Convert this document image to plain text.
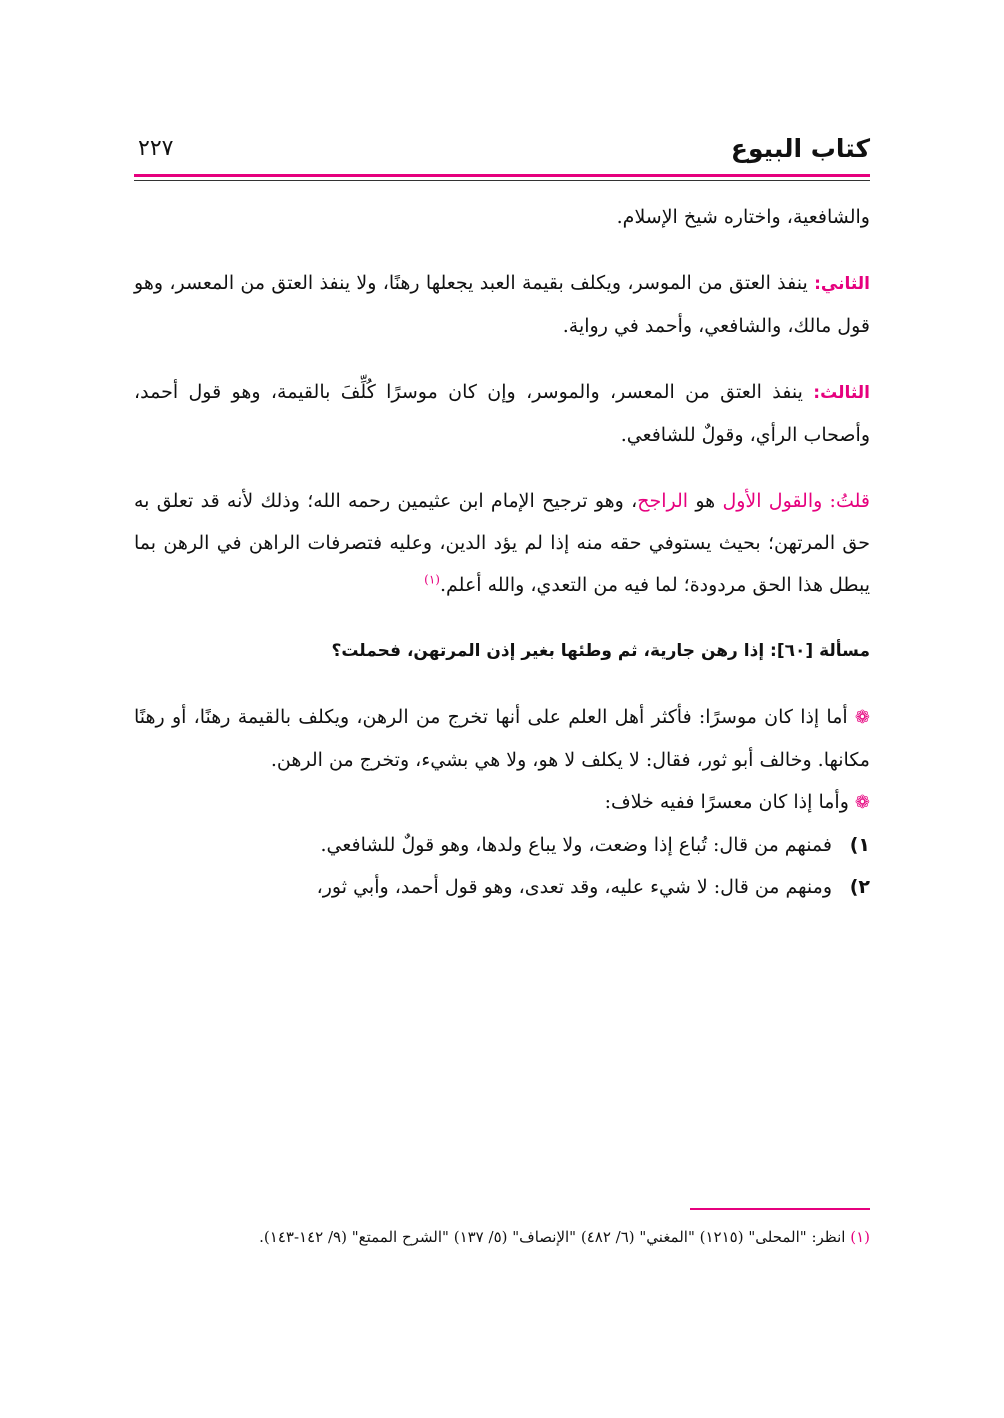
كتاب البيوع
٢٢٧

والشافعية، واختاره شيخ الإسلام.

الثاني: ينفذ العتق من الموسر، ويكلف بقيمة العبد يجعلها رهنًا، ولا ينفذ العتق من المعسر، وهو قول مالك، والشافعي، وأحمد في رواية.

الثالث: ينفذ العتق من المعسر، والموسر، وإن كان موسرًا كُلِّفَ بالقيمة، وهو قول أحمد، وأصحاب الرأي، وقولٌ للشافعي.

قلتُ: والقول الأول هو الراجح، وهو ترجيح الإمام ابن عثيمين رحمه الله؛ وذلك لأنه قد تعلق به حق المرتهن؛ بحيث يستوفي حقه منه إذا لم يؤد الدين، وعليه فتصرفات الراهن في الرهن بما يبطل هذا الحق مردودة؛ لما فيه من التعدي، والله أعلم.$^{(١)}$

مسألة [٦٠]: إذا رهن جارية، ثم وطئها بغير إذن المرتهن، فحملت؟

❁ أما إذا كان موسرًا: فأكثر أهل العلم على أنها تخرج من الرهن، ويكلف بالقيمة رهنًا، أو رهنًا مكانها. وخالف أبو ثور، فقال: لا يكلف لا هو، ولا هي بشيء، وتخرج من الرهن.

❁ وأما إذا كان معسرًا ففيه خلاف:

١)
فمنهم من قال: تُباع إذا وضعت، ولا يباع ولدها، وهو قولٌ للشافعي.
٢)
ومنهم من قال: لا شيء عليه، وقد تعدى، وهو قول أحمد، وأبي ثور،
(١) انظر: "المحلى" (١٢١٥) "المغني" (٦/ ٤٨٢) "الإنصاف" (٥/ ١٣٧) "الشرح الممتع" (٩/ ١٤٢-١٤٣).
